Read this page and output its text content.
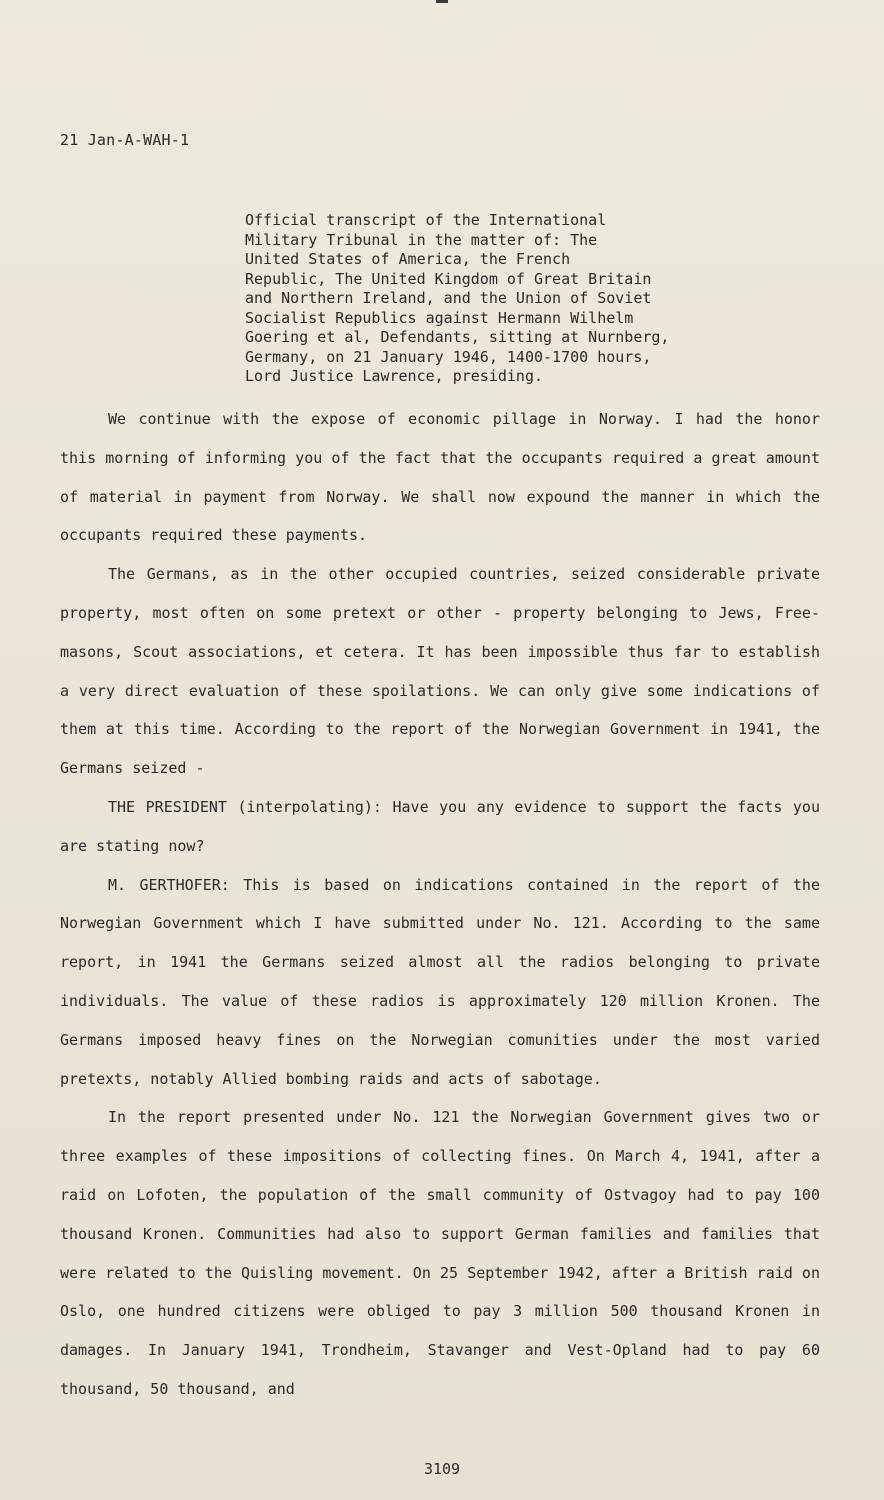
21 Jan-A-WAH-1
Official transcript of the International
Military Tribunal in the matter of: The
United States of America, the French
Republic, The United Kingdom of Great Britain
and Northern Ireland, and the Union of Soviet
Socialist Republics against Hermann Wilhelm
Goering et al, Defendants, sitting at Nurnberg,
Germany, on 21 January 1946, 1400-1700 hours,
Lord Justice Lawrence, presiding.

We continue with the expose of economic pillage in Norway. I had the honor this morning of informing you of the fact that the occupants required a great amount of material in payment from Norway. We shall now expound the manner in which the occupants required these payments.

The Germans, as in the other occupied countries, seized considerable private property, most often on some pretext or other - property belonging to Jews, Free-masons, Scout associations, et cetera. It has been impossible thus far to establish a very direct evaluation of these spoilations. We can only give some indications of them at this time. According to the report of the Norwegian Government in 1941, the Germans seized -

THE PRESIDENT (interpolating): Have you any evidence to support the facts you are stating now?

M. GERTHOFER: This is based on indications contained in the report of the Norwegian Government which I have submitted under No. 121. According to the same report, in 1941 the Germans seized almost all the radios belonging to private individuals. The value of these radios is approximately 120 million Kronen. The Germans imposed heavy fines on the Norwegian comunities under the most varied pretexts, notably Allied bombing raids and acts of sabotage.

In the report presented under No. 121 the Norwegian Government gives two or three examples of these impositions of collecting fines. On March 4, 1941, after a raid on Lofoten, the population of the small community of Ostvagoy had to pay 100 thousand Kronen. Communities had also to support German families and families that were related to the Quisling movement. On 25 September 1942, after a British raid on Oslo, one hundred citizens were obliged to pay 3 million 500 thousand Kronen in damages. In January 1941, Trondheim, Stavanger and Vest-Opland had to pay 60 thousand, 50 thousand, and

3109
